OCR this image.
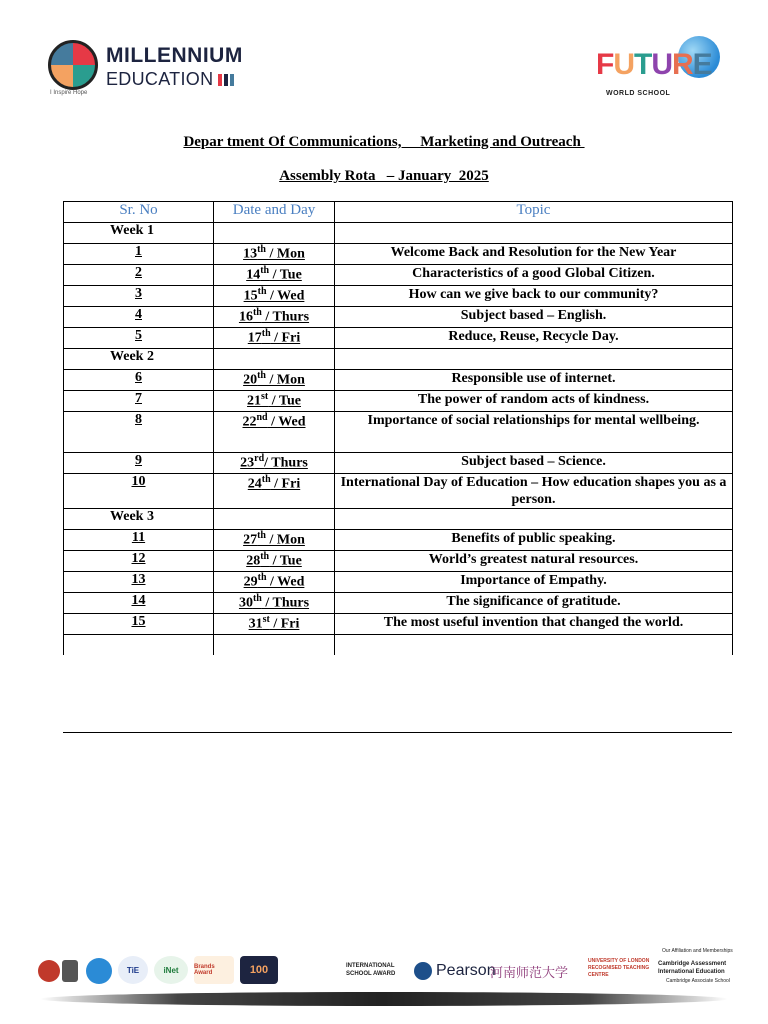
MILLENNIUM
EDUCATION
I Inspire Hope
FUTURE
WORLD SCHOOL
Depar tment Of Communications,     Marketing and Outreach
Assembly Rota   – January  2025
Sr. No	Date and Day	Topic
Week 1		
1	13th / Mon	Welcome Back and Resolution for the New Year
2	14th / Tue	Characteristics of a good Global Citizen.
3	15th / Wed	How can we give back to our community?
4	16th / Thurs	Subject based – English.
5	17th / Fri	Reduce, Reuse, Recycle Day.
Week 2		
6	20th / Mon	Responsible use of internet.
7	21st / Tue	The power of random acts of kindness.
8	22nd / Wed	Importance of social relationships for mental wellbeing.
9	23rd/ Thurs	Subject based – Science.
10	24th / Fri	International Day of Education – How education shapes you as a person.
Week 3		
11	27th / Mon	Benefits of public speaking.
12	28th / Tue	World’s greatest natural resources.
13	29th / Wed	Importance of Empathy.
14	30th / Thurs	The significance of gratitude.
15	31st / Fri	The most useful invention that changed the world.

TiE	iNet	Brands Award	100	INTERNATIONAL SCHOOL AWARD	Pearson
河南师范大学
UNIVERSITY OF LONDON RECOGNISED TEACHING CENTRE
Our Affiliation and Memberships
Cambridge Assessment International Education
Cambridge Associate School
